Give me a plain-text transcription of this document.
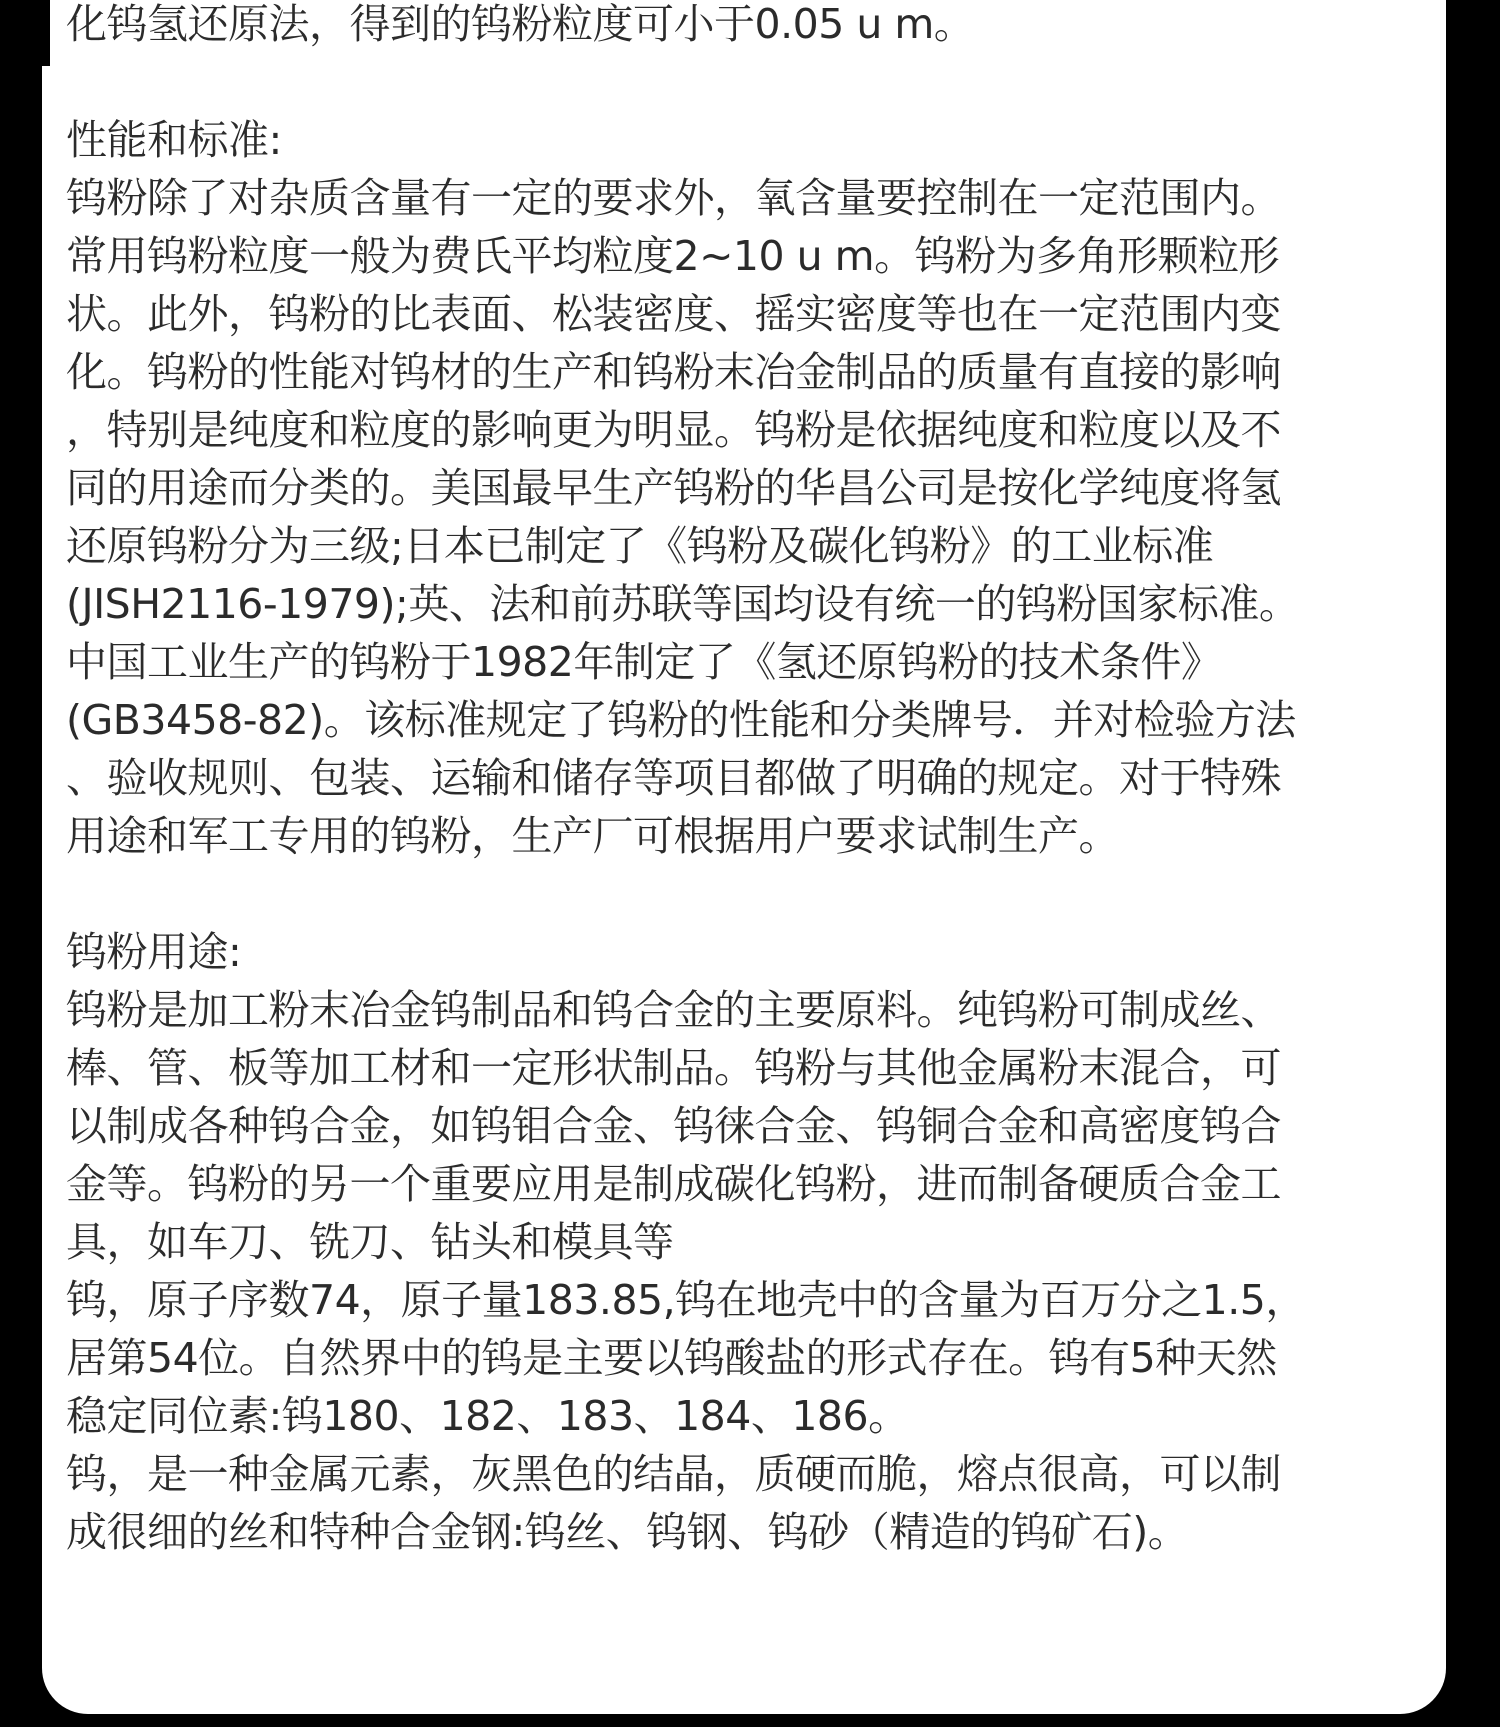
化钨氢还原法，得到的钨粉粒度可小于0.05 u m。
性能和标准:
钨粉除了对杂质含量有一定的要求外，氧含量要控制在一定范围内。
常用钨粉粒度一般为费氏平均粒度2~10 u m。钨粉为多角形颗粒形
状。此外，钨粉的比表面、松装密度、摇实密度等也在一定范围内变
化。钨粉的性能对钨材的生产和钨粉末冶金制品的质量有直接的影响
，特别是纯度和粒度的影响更为明显。钨粉是依据纯度和粒度以及不
同的用途而分类的。美国最早生产钨粉的华昌公司是按化学纯度将氢
还原钨粉分为三级;日本已制定了《钨粉及碳化钨粉》的工业标准
(JISH2116-1979);英、法和前苏联等国均设有统一的钨粉国家标准。
中国工业生产的钨粉于1982年制定了《氢还原钨粉的技术条件》
(GB3458-82)。该标准规定了钨粉的性能和分类牌号．并对检验方法
、验收规则、包装、运输和储存等项目都做了明确的规定。对于特殊
用途和军工专用的钨粉，生产厂可根据用户要求试制生产。
钨粉用途:
钨粉是加工粉末冶金钨制品和钨合金的主要原料。纯钨粉可制成丝、
棒、管、板等加工材和一定形状制品。钨粉与其他金属粉末混合，可
以制成各种钨合金，如钨钼合金、钨徕合金、钨铜合金和高密度钨合
金等。钨粉的另一个重要应用是制成碳化钨粉，进而制备硬质合金工
具，如车刀、铣刀、钻头和模具等
钨，原子序数74，原子量183.85,钨在地壳中的含量为百万分之1.5，
居第54位。自然界中的钨是主要以钨酸盐的形式存在。钨有5种天然
稳定同位素:钨180、182、183、184、186。
钨，是一种金属元素，灰黑色的结晶，质硬而脆，熔点很高，可以制
成很细的丝和特种合金钢:钨丝、钨钢、钨砂（精造的钨矿石)。
